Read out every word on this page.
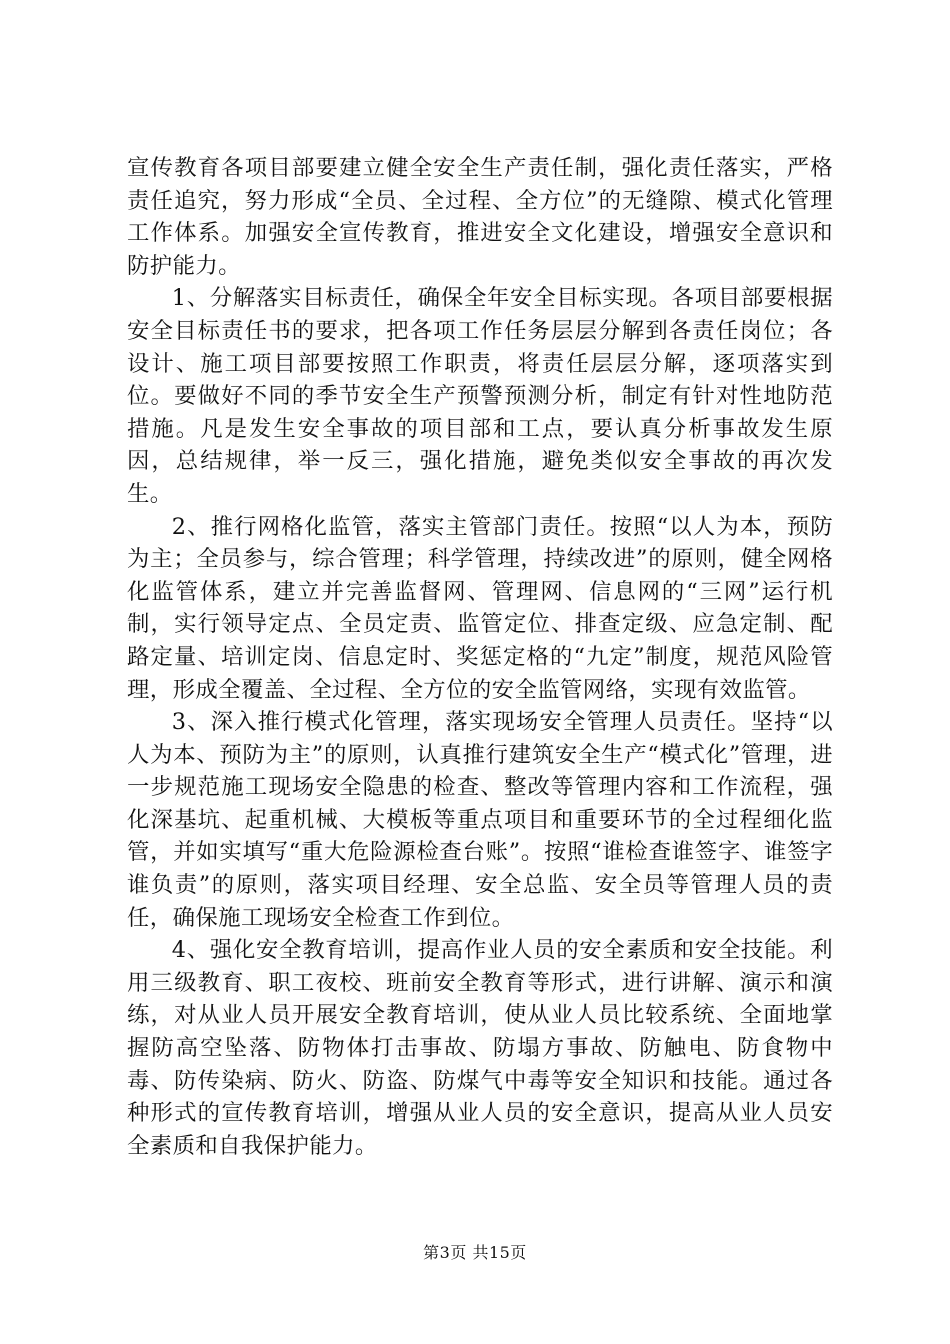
宣传教育各项目部要建立健全安全生产责任制，强化责任落实，严格责任追究，努力形成“全员、全过程、全方位”的无缝隙、模式化管理工作体系。加强安全宣传教育，推进安全文化建设，增强安全意识和防护能力。

1、分解落实目标责任，确保全年安全目标实现。各项目部要根据安全目标责任书的要求，把各项工作任务层层分解到各责任岗位；各设计、施工项目部要按照工作职责，将责任层层分解，逐项落实到位。要做好不同的季节安全生产预警预测分析，制定有针对性地防范措施。凡是发生安全事故的项目部和工点，要认真分析事故发生原因，总结规律，举一反三，强化措施，避免类似安全事故的再次发生。

2、推行网格化监管，落实主管部门责任。按照“以人为本，预防为主；全员参与，综合管理；科学管理，持续改进”的原则，健全网格化监管体系，建立并完善监督网、管理网、信息网的“三网”运行机制，实行领导定点、全员定责、监管定位、排查定级、应急定制、配路定量、培训定岗、信息定时、奖惩定格的“九定”制度，规范风险管理，形成全覆盖、全过程、全方位的安全监管网络，实现有效监管。

3、深入推行模式化管理，落实现场安全管理人员责任。坚持“以人为本、预防为主”的原则，认真推行建筑安全生产“模式化”管理，进一步规范施工现场安全隐患的检查、整改等管理内容和工作流程，强化深基坑、起重机械、大模板等重点项目和重要环节的全过程细化监管，并如实填写“重大危险源检查台账”。按照“谁检查谁签字、谁签字谁负责”的原则，落实项目经理、安全总监、安全员等管理人员的责任，确保施工现场安全检查工作到位。

4、强化安全教育培训，提高作业人员的安全素质和安全技能。利用三级教育、职工夜校、班前安全教育等形式，进行讲解、演示和演练，对从业人员开展安全教育培训，使从业人员比较系统、全面地掌握防高空坠落、防物体打击事故、防塌方事故、防触电、防食物中毒、防传染病、防火、防盗、防煤气中毒等安全知识和技能。通过各种形式的宣传教育培训，增强从业人员的安全意识，提高从业人员安全素质和自我保护能力。

第3页 共15页
